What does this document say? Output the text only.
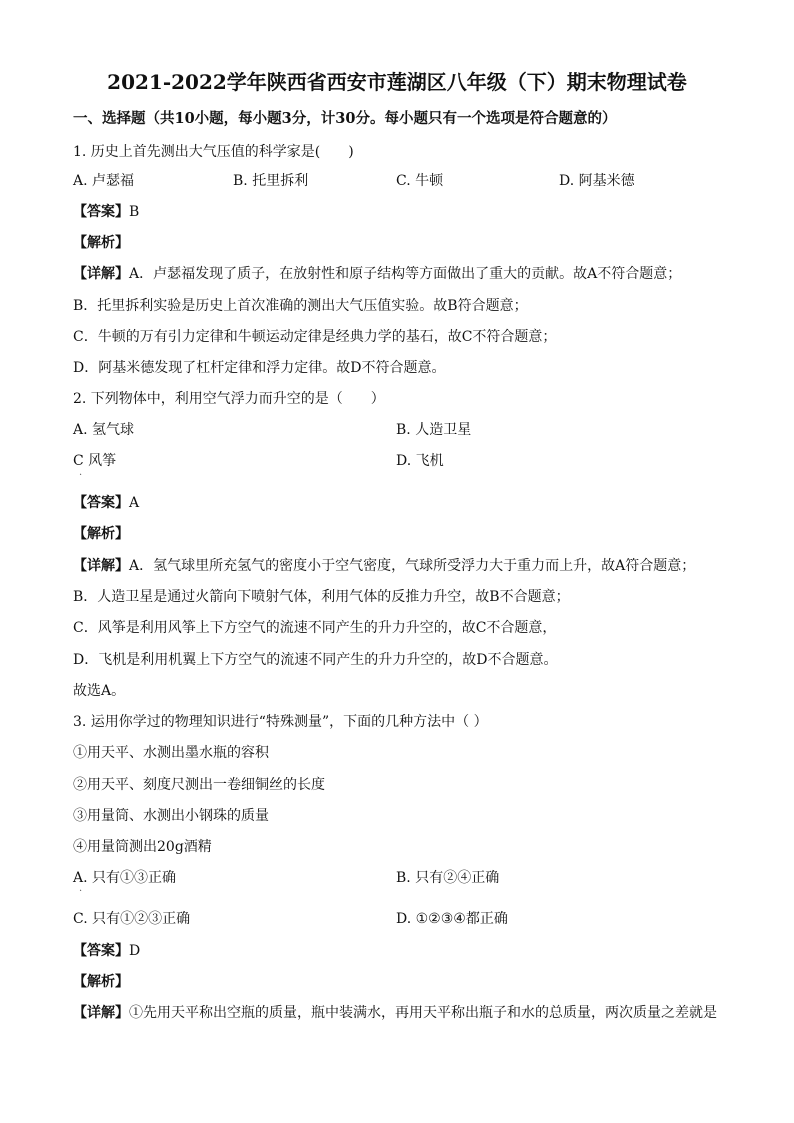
2021-2022学年陕西省西安市莲湖区八年级（下）期末物理试卷
一、选择题（共10小题，每小题3分，计30分。每小题只有一个选项是符合题意的）
1. 历史上首先测出大气压值的科学家是(　　)
A. 卢瑟福	B. 托里拆利	C. 牛顿	D. 阿基米德
【答案】B
【解析】
【详解】A．卢瑟福发现了质子，在放射性和原子结构等方面做出了重大的贡献。故A不符合题意；
B．托里拆利实验是历史上首次准确的测出大气压值实验。故B符合题意；
C．牛顿的万有引力定律和牛顿运动定律是经典力学的基石，故C不符合题意；
D．阿基米德发现了杠杆定律和浮力定律。故D不符合题意。
2. 下列物体中，利用空气浮力而升空的是（　　）
A. 氢气球	B. 人造卫星
C 风筝	D. 飞机
·
【答案】A
【解析】
【详解】A．氢气球里所充氢气的密度小于空气密度，气球所受浮力大于重力而上升，故A符合题意；
B．人造卫星是通过火箭向下喷射气体，利用气体的反推力升空，故B不合题意；
C．风筝是利用风筝上下方空气的流速不同产生的升力升空的，故C不合题意，
D．飞机是利用机翼上下方空气的流速不同产生的升力升空的，故D不合题意。
故选A。
3. 运用你学过的物理知识进行“特殊测量”，下面的几种方法中（ ）
①用天平、水测出墨水瓶的容积
②用天平、刻度尺测出一卷细铜丝的长度
③用量筒、水测出小钢珠的质量
④用量筒测出20g酒精
A. 只有①③正确	B. 只有②④正确
·
C. 只有①②③正确	D. ①②③④都正确
【答案】D
【解析】
【详解】①先用天平称出空瓶的质量，瓶中装满水，再用天平称出瓶子和水的总质量，两次质量之差就是
